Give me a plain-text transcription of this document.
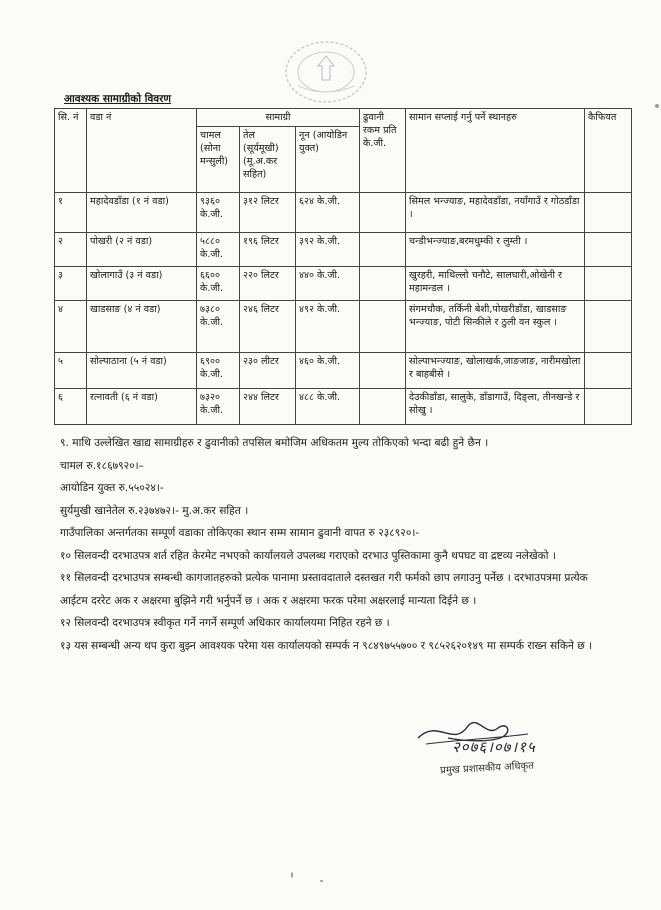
आवश्यक सामाग्रीको विवरण
सि. नं	वडा नं	सामाग्री			ढुवानी रकम प्रति के.जी.	सामान सप्लाई गर्नु पर्ने स्थानहरु	कैफियत
		चामल (सोना मन्सुली)	तेल (सूर्यमूखी) (मू.अ.कर सहित)	नून (आयोडिन युक्त)			
१	महादेवडाँडा (१ नं वडा)	९३६० के.जी.	३१२ लिटर	६२४ के.जी.		सिमल भन्ज्याङ, महादेवडाँडा, नयाँगाउँ र गोठडाँडा ।	
२	पोखरी (२ नं वडा)	५८८० के.जी.	१९६ लिटर	३९२ के.जी.		चन्डीभन्ज्याङ,बरमधुम्की र लुम्ती ।	
३	खोलागाउँ (३ नं वडा)	६६०० के.जी.	२२० लिटर	४४० के.जी.		खुरहरी, माथिल्लो चनौटे, सालघारी,ओखेनी र महामन्डल ।	
४	खाडसाङ (४ नं वडा)	७३८० के.जी.	२४६ लिटर	४९२ के.जी.		संगमचौक, तर्किनी बेशी,पोखरीडाँडा, खाडसाङ भन्ज्याङ, पोटी सिन्कीले र ठुली वन स्कुल ।	
५	सोल्पाठाना (५ नं वडा)	६९०० के.जी.	२३० लीटर	४६० के.जी.		सोल्पाभन्ज्याङ, खोलाखर्क,जाङजाङ, नारीमखोला र बाहबीसे ।	
६	रत्नावती (६ नं वडा)	७३२० के.जी.	२४४ लिटर	४८८ के.जी.		देउकीडाँडा, सालुके, डाँडागाउँ, दिङ्ला, तीनखन्डे र सोखु ।	

९. माथि उल्लेखित खाद्य सामाग्रीहरु र ढुवानीको तपसिल बमोजिम अधिकतम मुल्य तोकिएको भन्दा बढी हुने छैन ।

चामल रु.१८६७९२०।–

आयोडिन युक्त रु.५५०२४।-

सुर्यमुखी खानेतेल रु.२३७४७२।- मु.अ.कर सहित ।

गाउँपालिका अन्तर्गतका सम्पूर्ण वडाका तोकिएका स्थान सम्म सामान ढुवानी वापत रु २३८९२०।-

१० सिलवन्दी दरभाउपत्र शर्त रहित केरमेट नभएको कार्यालयले उपलब्ध गराएको दरभाउ पुस्तिकामा कुनै थपघट वा द्रष्टव्य नलेखेको ।

११ सिलवन्दी दरभाउपत्र सम्बन्धी कागजातहरुको प्रत्येक पानामा प्रस्तावदाताले दस्तखत गरी फर्मको छाप लगाउनु पर्नेछ । दरभाउपत्रमा प्रत्येक आईटम दररेट अक र अक्षरमा बुझिने गरी भर्नुपर्ने छ । अक र अक्षरमा फरक परेमा अक्षरलाई मान्यता दिईने छ ।

१२ सिलवन्दी दरभाउपत्र स्वीकृत गर्ने नगर्ने सम्पूर्ण अधिकार कार्यालयमा निहित रहने छ ।

१३ यस सम्बन्धी अन्य थप कुरा बुझ्न आवश्यक परेमा यस कार्यालयको सम्पर्क न ९८४९७५५७०० र ९८५२६२०१४९ मा सम्पर्क राख्न सकिने छ ।

२०७६।०७।१५
प्रमुख प्रशासकीय अधिकृत
